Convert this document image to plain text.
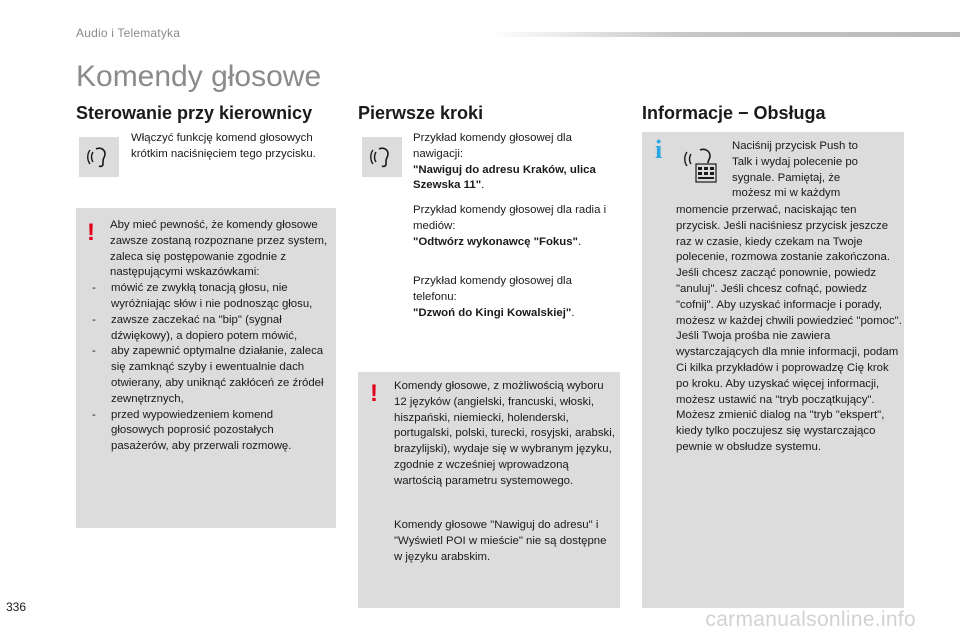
Audio i Telematyka
Komendy głosowe
Sterowanie przy kierownicy
Włączyć funkcję komend głosowych krótkim naciśnięciem tego przycisku.
! Aby mieć pewność, że komendy głosowe zawsze zostaną rozpoznane przez system, zaleca się postępowanie zgodnie z następującymi wskazówkami:
- mówić ze zwykłą tonacją głosu, nie wyróżniając słów i nie podnosząc głosu,
- zawsze zaczekać na "bip" (sygnał dźwiękowy), a dopiero potem mówić,
- aby zapewnić optymalne działanie, zaleca się zamknąć szyby i ewentualnie dach otwierany, aby uniknąć zakłóceń ze źródeł zewnętrznych,
- przed wypowiedzeniem komend głosowych poprosić pozostałych pasażerów, aby przerwali rozmowę.
Pierwsze kroki
Przykład komendy głosowej dla nawigacji:
"Nawiguj do adresu Kraków, ulica Szewska 11".
Przykład komendy głosowej dla radia i mediów:
"Odtwórz wykonawcę "Fokus".
Przykład komendy głosowej dla telefonu:
"Dzwoń do Kingi Kowalskiej".
! Komendy głosowe, z możliwością wyboru 12 języków (angielski, francuski, włoski, hiszpański, niemiecki, holenderski, portugalski, polski, turecki, rosyjski, arabski, brazylijski), wydaje się w wybranym języku, zgodnie z wcześniej wprowadzoną wartością parametru systemowego.
Komendy głosowe "Nawiguj do adresu" i "Wyświetl POI w mieście" nie są dostępne w języku arabskim.
Informacje − Obsługa
i	Naciśnij przycisk Push to Talk i wydaj polecenie po sygnale. Pamiętaj, że możesz mi w każdym
momencie przerwać, naciskając ten przycisk. Jeśli naciśniesz przycisk jeszcze raz w czasie, kiedy czekam na Twoje polecenie, rozmowa zostanie zakończona. Jeśli chcesz zacząć ponownie, powiedz "anuluj". Jeśli chcesz cofnąć, powiedz "cofnij". Aby uzyskać informacje i porady, możesz w każdej chwili powiedzieć "pomoc". Jeśli Twoja prośba nie zawiera wystarczających dla mnie informacji, podam Ci kilka przykładów i poprowadzę Cię krok po kroku. Aby uzyskać więcej informacji, możesz ustawić na "tryb początkujący". Możesz zmienić dialog na "tryb "ekspert", kiedy tylko poczujesz się wystarczająco pewnie w obsłudze systemu.
336
carmanualsonline.info
